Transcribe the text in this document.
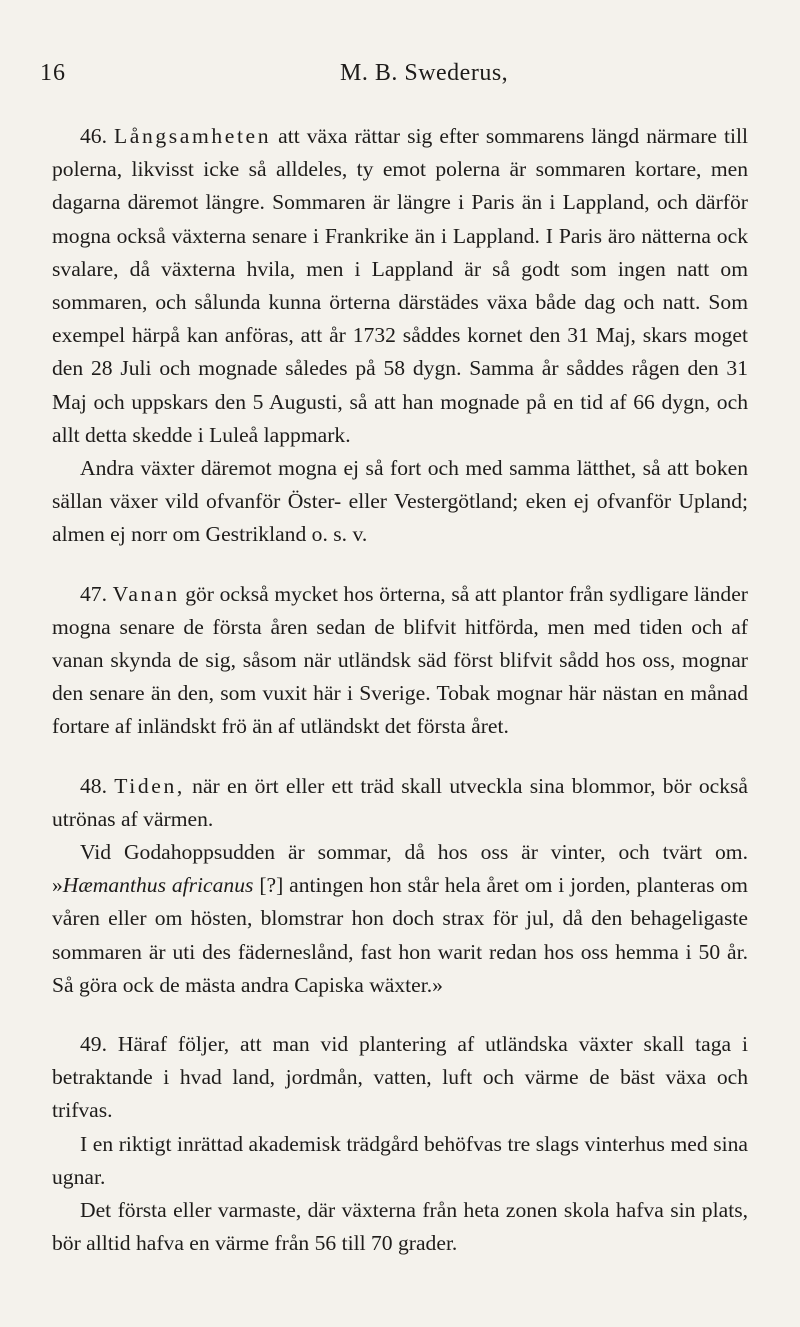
16	M. B. Swederus,

46. Långsamheten att växa rättar sig efter sommarens längd närmare till polerna, likvisst icke så alldeles, ty emot polerna är sommaren kortare, men dagarna däremot längre. Sommaren är längre i Paris än i Lappland, och därför mogna också växterna senare i Frankrike än i Lappland. I Paris äro nätterna ock svalare, då växterna hvila, men i Lappland är så godt som ingen natt om sommaren, och sålunda kunna örterna därstädes växa både dag och natt. Som exempel härpå kan anföras, att år 1732 såddes kornet den 31 Maj, skars moget den 28 Juli och mognade således på 58 dygn. Samma år såddes rågen den 31 Maj och uppskars den 5 Augusti, så att han mognade på en tid af 66 dygn, och allt detta skedde i Luleå lappmark.

Andra växter däremot mogna ej så fort och med samma lätthet, så att boken sällan växer vild ofvanför Öster- eller Vestergötland; eken ej ofvanför Upland; almen ej norr om Gestrikland o. s. v.

47. Vanan gör också mycket hos örterna, så att plantor från sydligare länder mogna senare de första åren sedan de blifvit hitförda, men med tiden och af vanan skynda de sig, såsom när utländsk säd först blifvit sådd hos oss, mognar den senare än den, som vuxit här i Sverige. Tobak mognar här nästan en månad fortare af inländskt frö än af utländskt det första året.

48. Tiden, när en ört eller ett träd skall utveckla sina blommor, bör också utrönas af värmen.

Vid Godahoppsudden är sommar, då hos oss är vinter, och tvärt om. »Hæmanthus africanus [?] antingen hon står hela året om i jorden, planteras om våren eller om hösten, blomstrar hon doch strax för jul, då den behageligaste sommaren är uti des fäderneslånd, fast hon warit redan hos oss hemma i 50 år. Så göra ock de mästa andra Capiska wäxter.»

49. Häraf följer, att man vid plantering af utländska växter skall taga i betraktande i hvad land, jordmån, vatten, luft och värme de bäst växa och trifvas.

I en riktigt inrättad akademisk trädgård behöfvas tre slags vinterhus med sina ugnar.

Det första eller varmaste, där växterna från heta zonen skola hafva sin plats, bör alltid hafva en värme från 56 till 70 grader.
